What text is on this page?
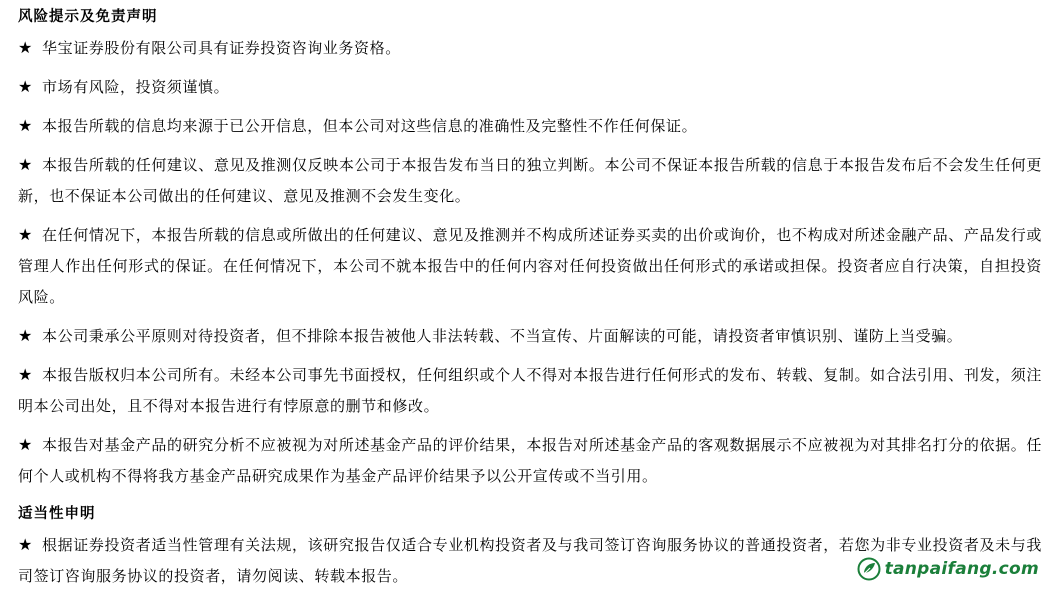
风险提示及免责声明

★ 华宝证券股份有限公司具有证券投资咨询业务资格。

★ 市场有风险，投资须谨慎。

★ 本报告所载的信息均来源于已公开信息，但本公司对这些信息的准确性及完整性不作任何保证。

★ 本报告所载的任何建议、意见及推测仅反映本公司于本报告发布当日的独立判断。本公司不保证本报告所载的信息于本报告发布后不会发生任何更新，也不保证本公司做出的任何建议、意见及推测不会发生变化。

★ 在任何情况下，本报告所载的信息或所做出的任何建议、意见及推测并不构成所述证券买卖的出价或询价，也不构成对所述金融产品、产品发行或管理人作出任何形式的保证。在任何情况下，本公司不就本报告中的任何内容对任何投资做出任何形式的承诺或担保。投资者应自行决策，自担投资风险。

★ 本公司秉承公平原则对待投资者，但不排除本报告被他人非法转载、不当宣传、片面解读的可能，请投资者审慎识别、谨防上当受骗。

★ 本报告版权归本公司所有。未经本公司事先书面授权，任何组织或个人不得对本报告进行任何形式的发布、转载、复制。如合法引用、刊发，须注明本公司出处，且不得对本报告进行有悖原意的删节和修改。

★ 本报告对基金产品的研究分析不应被视为对所述基金产品的评价结果，本报告对所述基金产品的客观数据展示不应被视为对其排名打分的依据。任何个人或机构不得将我方基金产品研究成果作为基金产品评价结果予以公开宣传或不当引用。

适当性申明

★ 根据证券投资者适当性管理有关法规，该研究报告仅适合专业机构投资者及与我司签订咨询服务协议的普通投资者，若您为非专业投资者及未与我司签订咨询服务协议的投资者，请勿阅读、转载本报告。	tanpaifang.com
